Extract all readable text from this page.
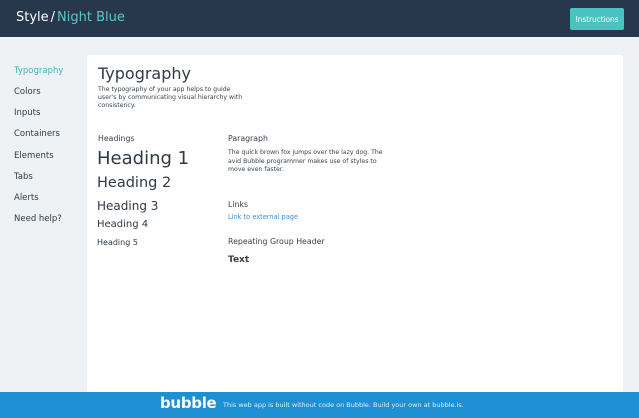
Style / Night Blue	Instructions
Typography
Colors
Inputs
Containers
Elements
Tabs
Alerts
Need help?
Typography
The typography of your app helps to guide user's by communicating visual hierarchy with consistency.
Headings
Heading 1
Heading 2
Heading 3
Heading 4
Heading 5
Paragraph
The quick brown fox jumps over the lazy dog. The avid Bubble programmer makes use of styles to move even faster.
Links
Link to external page
Repeating Group Header
Text
bubble This web app is built without code on Bubble. Build your own at bubble.is.
